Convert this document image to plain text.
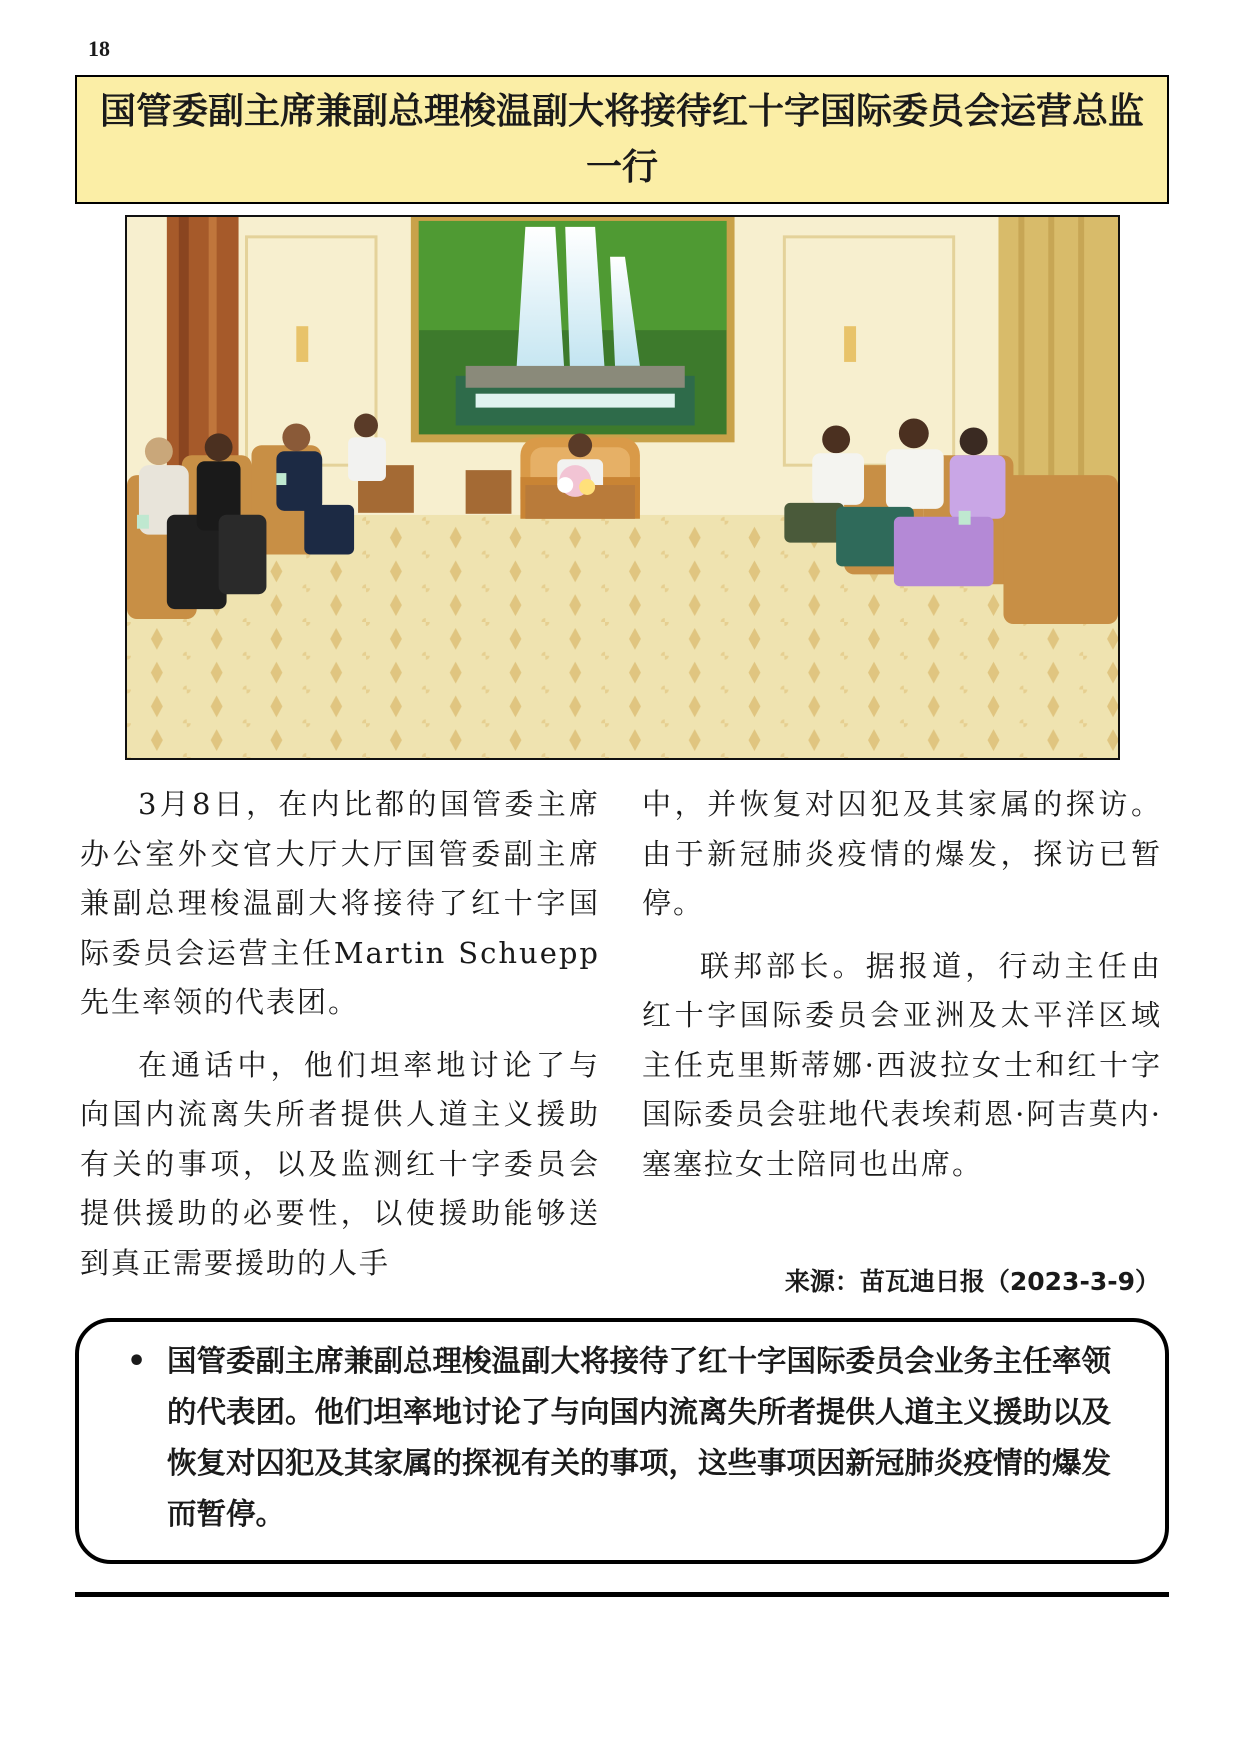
18
国管委副主席兼副总理梭温副大将接待红十字国际委员会运营总监一行

3月8日，在内比都的国管委主席办公室外交官大厅大厅国管委副主席兼副总理梭温副大将接待了红十字国际委员会运营主任Martin Schuepp先生率领的代表团。

在通话中，他们坦率地讨论了与向国内流离失所者提供人道主义援助有关的事项，以及监测红十字委员会提供援助的必要性，以使援助能够送到真正需要援助的人手

中，并恢复对囚犯及其家属的探访。由于新冠肺炎疫情的爆发，探访已暂停。

联邦部长。据报道，行动主任由红十字国际委员会亚洲及太平洋区域主任克里斯蒂娜·西波拉女士和红十字国际委员会驻地代表埃莉恩·阿吉莫内·塞塞拉女士陪同也出席。

来源：苗瓦迪日报（2023-3-9）
• 国管委副主席兼副总理梭温副大将接待了红十字国际委员会业务主任率领的代表团。他们坦率地讨论了与向国内流离失所者提供人道主义援助以及恢复对囚犯及其家属的探视有关的事项，这些事项因新冠肺炎疫情的爆发而暂停。
